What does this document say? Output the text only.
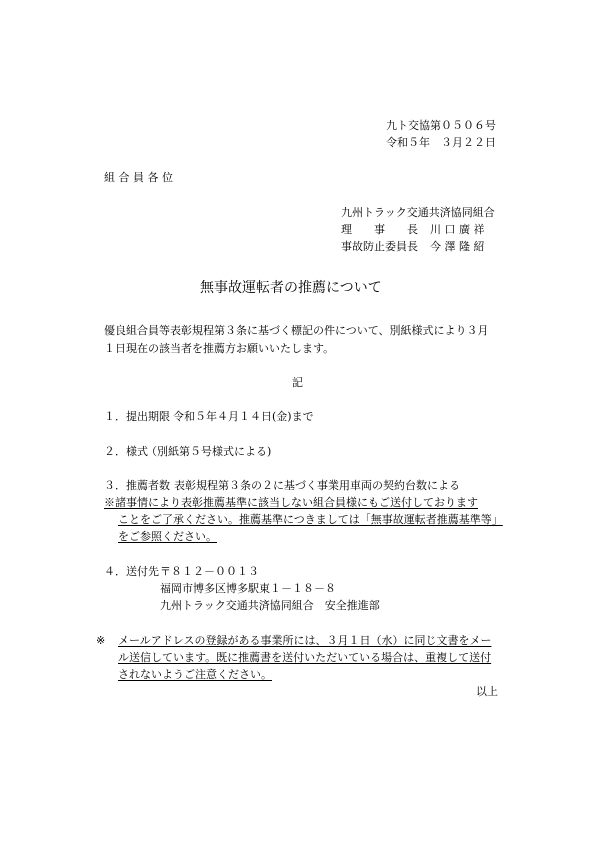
九ト交協第０５０６号
令和５年　３月２２日
組 合 員 各 位
九州トラック交通共済協同組合
理　　事　　長 川 口 廣 祥
事故防止委員長 今 澤 隆 紹
無事故運転者の推薦について
優良組合員等表彰規程第３条に基づく標記の件について、別紙様式により３月
１日現在の該当者を推薦方お願いいたします。
記
１．提出期限 令和５年４月１４日(金)まで
２．様式
（別紙第５号様式による)
３．推薦者数 表彰規程第３条の２に基づく事業用車両の契約台数による
※諸事情により表彰推薦基準に該当しない組合員様にもご送付しております
ことをご了承ください。推薦基準につきましては「無事故運転者推薦基準等」
をご参照ください。
４．送付先 〒８１２－００１３
福岡市博多区博多駅東１－１８－８
九州トラック交通共済協同組合　安全推進部
※ メールアドレスの登録がある事業所には、３月１日（水）に同じ文書をメー
ル送信しています。既に推薦書を送付いただいている場合は、重複して送付
されないようご注意ください。
以上
